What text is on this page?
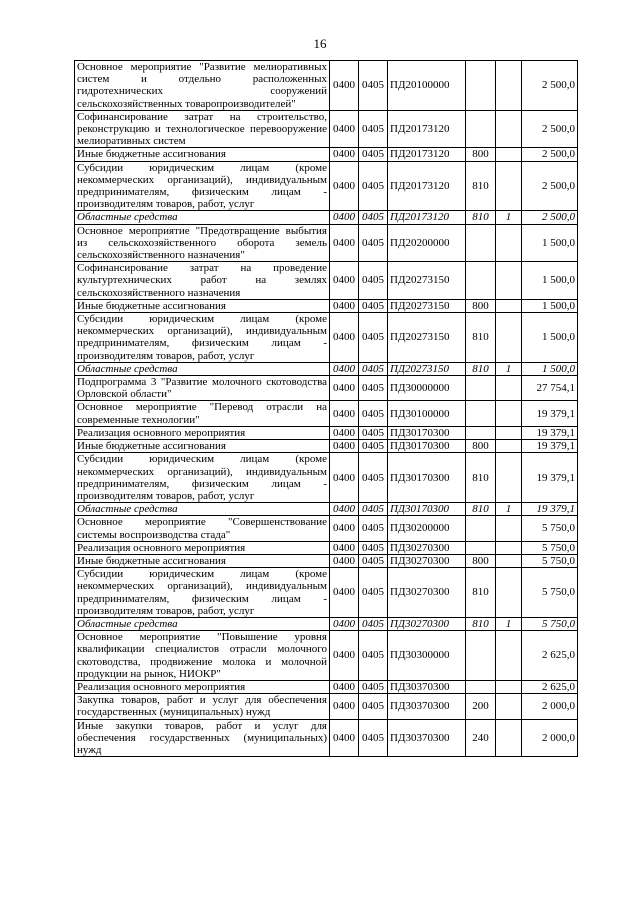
16
Основное мероприятие "Развитие мелиоративных систем и отдельно расположенных гидротехнических сооружений сельскохозяйственных товаропроизводителей"	0400	0405	ПД20100000			2 500,0
Софинансирование затрат на строительство, реконструкцию и технологическое перевооружение мелиоративных систем	0400	0405	ПД20173120			2 500,0
Иные бюджетные ассигнования	0400	0405	ПД20173120	800		2 500,0
Субсидии юридическим лицам (кроме некоммерческих организаций), индивидуальным предпринимателям, физическим лицам - производителям товаров, работ, услуг	0400	0405	ПД20173120	810		2 500,0
Областные средства	0400	0405	ПД20173120	810	1	2 500,0
Основное мероприятие "Предотвращение выбытия из сельскохозяйственного оборота земель сельскохозяйственного назначения"	0400	0405	ПД20200000			1 500,0
Софинансирование затрат на проведение культуртехнических работ на землях сельскохозяйственного назначения	0400	0405	ПД20273150			1 500,0
Иные бюджетные ассигнования	0400	0405	ПД20273150	800		1 500,0
Субсидии юридическим лицам (кроме некоммерческих организаций), индивидуальным предпринимателям, физическим лицам - производителям товаров, работ, услуг	0400	0405	ПД20273150	810		1 500,0
Областные средства	0400	0405	ПД20273150	810	1	1 500,0
Подпрограмма 3 "Развитие молочного скотоводства Орловской области"	0400	0405	ПД30000000			27 754,1
Основное мероприятие "Перевод отрасли на современные технологии"	0400	0405	ПД30100000			19 379,1
Реализация основного мероприятия	0400	0405	ПД30170300			19 379,1
Иные бюджетные ассигнования	0400	0405	ПД30170300	800		19 379,1
Субсидии юридическим лицам (кроме некоммерческих организаций), индивидуальным предпринимателям, физическим лицам - производителям товаров, работ, услуг	0400	0405	ПД30170300	810		19 379,1
Областные средства	0400	0405	ПД30170300	810	1	19 379,1
Основное мероприятие "Совершенствование системы воспроизводства стада"	0400	0405	ПД30200000			5 750,0
Реализация основного мероприятия	0400	0405	ПД30270300			5 750,0
Иные бюджетные ассигнования	0400	0405	ПД30270300	800		5 750,0
Субсидии юридическим лицам (кроме некоммерческих организаций), индивидуальным предпринимателям, физическим лицам - производителям товаров, работ, услуг	0400	0405	ПД30270300	810		5 750,0
Областные средства	0400	0405	ПД30270300	810	1	5 750,0
Основное мероприятие "Повышение уровня квалификации специалистов отрасли молочного скотоводства, продвижение молока и молочной продукции на рынок, НИОКР"	0400	0405	ПД30300000			2 625,0
Реализация основного мероприятия	0400	0405	ПД30370300			2 625,0
Закупка товаров, работ и услуг для обеспечения государственных (муниципальных) нужд	0400	0405	ПД30370300	200		2 000,0
Иные закупки товаров, работ и услуг для обеспечения государственных (муниципальных) нужд	0400	0405	ПД30370300	240		2 000,0
